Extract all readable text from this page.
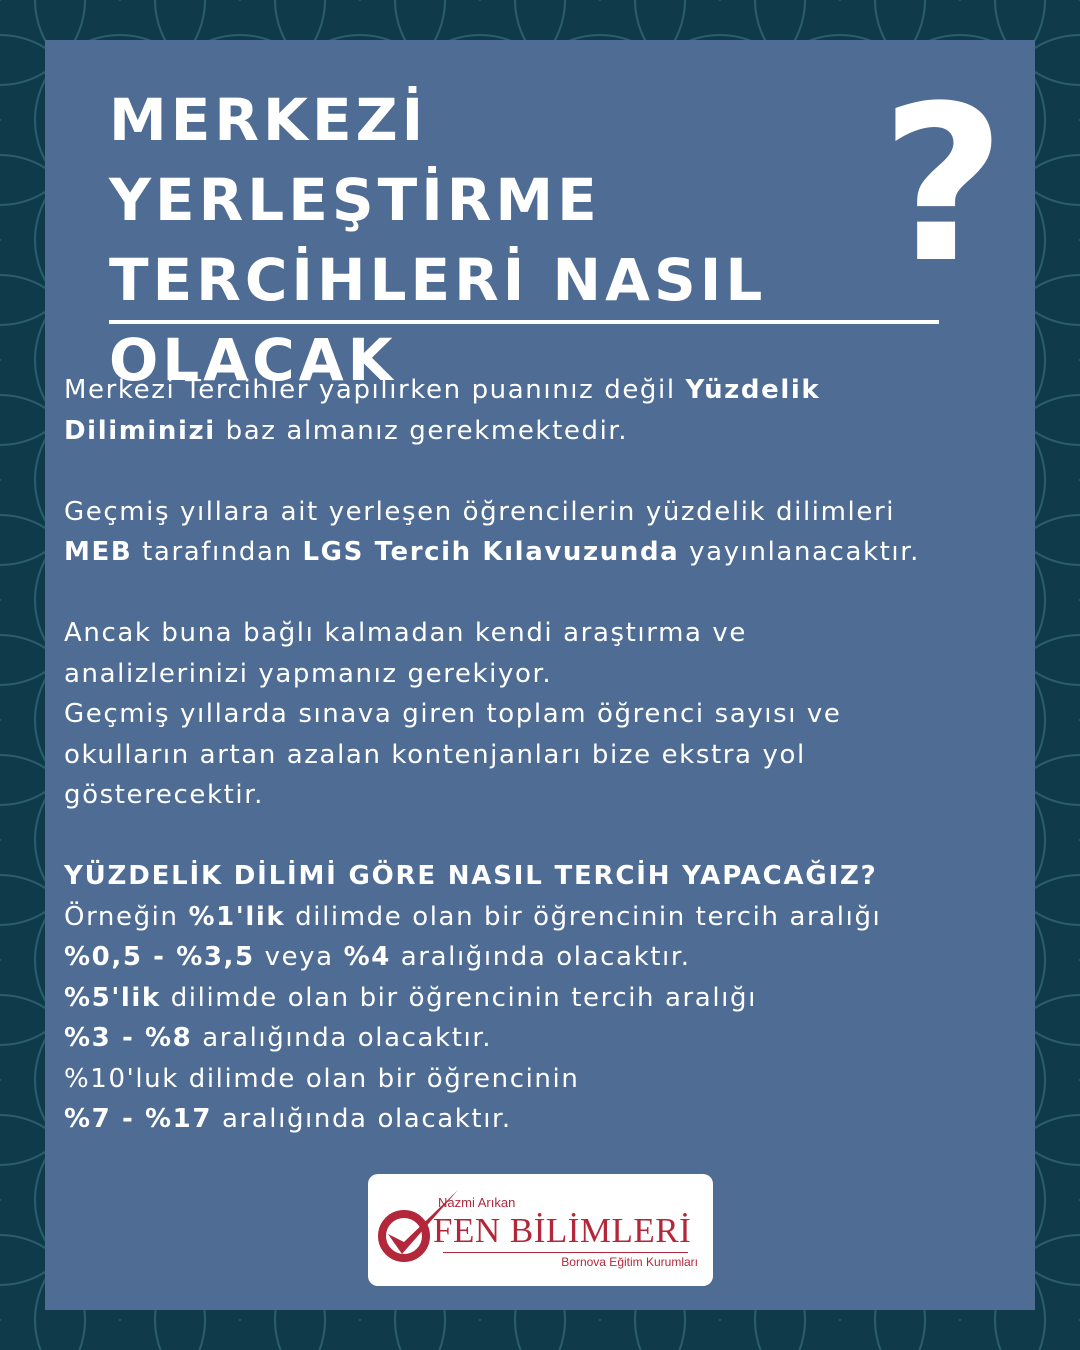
MERKEZİ YERLEŞTİRME
TERCİHLERİ NASIL
OLACAK
?

Merkezi Tercihler yapılırken puanınız değil Yüzdelik

Diliminizi baz almanız gerekmektedir.

Geçmiş yıllara ait yerleşen öğrencilerin yüzdelik dilimleri

MEB tarafından LGS Tercih Kılavuzunda yayınlanacaktır.

Ancak buna bağlı kalmadan kendi araştırma ve

analizlerinizi yapmanız gerekiyor.

Geçmiş yıllarda sınava giren toplam öğrenci sayısı ve

okulların artan azalan kontenjanları bize ekstra yol

gösterecektir.

YÜZDELİK DİLİMİ GÖRE NASIL TERCİH YAPACAĞIZ?

Örneğin %1'lik dilimde olan bir öğrencinin tercih aralığı

%0,5 - %3,5 veya %4 aralığında olacaktır.

%5'lik dilimde olan bir öğrencinin tercih aralığı

%3 - %8 aralığında olacaktır.

%10'luk dilimde olan bir öğrencinin

%7 - %17 aralığında olacaktır.

Nazmi Arıkan
FEN BİLİMLERİ
Bornova Eğitim Kurumları
